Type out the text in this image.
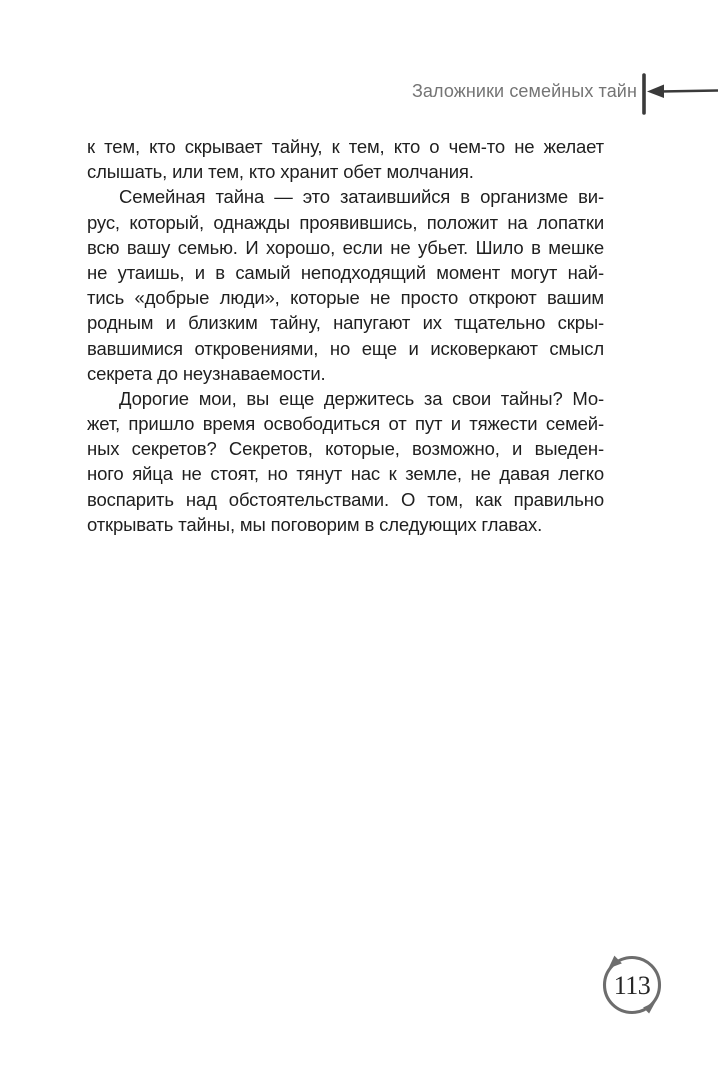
Заложники семейных тайн
к тем, кто скрывает тайну, к тем, кто о чем-то не желает
слышать, или тем, кто хранит обет молчания.
Семейная тайна — это затаившийся в организме ви-
рус, который, однажды проявившись, положит на лопатки
всю вашу семью. И хорошо, если не убьет. Шило в мешке
не утаишь, и в самый неподходящий момент могут най-
тись «добрые люди», которые не просто откроют вашим
родным и близким тайну, напугают их тщательно скры-
вавшимися откровениями, но еще и исковеркают смысл
секрета до неузнаваемости.
Дорогие мои, вы еще держитесь за свои тайны? Мо-
жет, пришло время освободиться от пут и тяжести семей-
ных секретов? Секретов, которые, возможно, и выеден-
ного яйца не стоят, но тянут нас к земле, не давая легко
воспарить над обстоятельствами. О том, как правильно
открывать тайны, мы поговорим в следующих главах.
113
